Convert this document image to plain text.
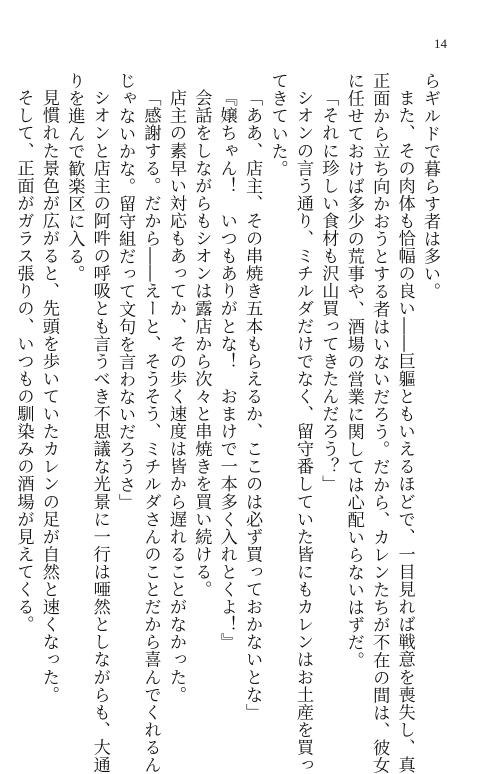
14
らギルドで暮らす者は多い。
また、その肉体も恰幅の良い――巨軀ともいえるほどで、一目見れば戦意を喪失し、真
正面から立ち向かおうとする者はいないだろう。だから、カレンたちが不在の間は、彼女
に任せておけば多少の荒事や、酒場の営業に関しては心配いらないはずだ。
「それに珍しい食材も沢山買ってきたんだろう？」
シオンの言う通り、ミチルダだけでなく、留守番していた皆にもカレンはお土産を買っ
てきていた。
「ああ、店主、その串焼き五本もらえるか、ここのは必ず買っておかないとな」
『嬢ちゃん！　いつもありがとな！　おまけで一本多く入れとくよ！』
会話をしながらもシオンは露店から次々と串焼きを買い続ける。
店主の素早い対応もあってか、その歩く速度は皆から遅れることがなかった。
「感謝する。だから――えーと、そうそう、ミチルダさんのことだから喜んでくれるん
じゃないかな。留守組だって文句を言わないだろうさ」
シオンと店主の阿吽の呼吸とも言うべき不思議な光景に一行は唖然としながらも、大通
りを進んで歓楽区に入る。
見慣れた景色が広がると、先頭を歩いていたカレンの足が自然と速くなった。
そして、正面がガラス張りの、いつもの馴染みの酒場が見えてくる。
